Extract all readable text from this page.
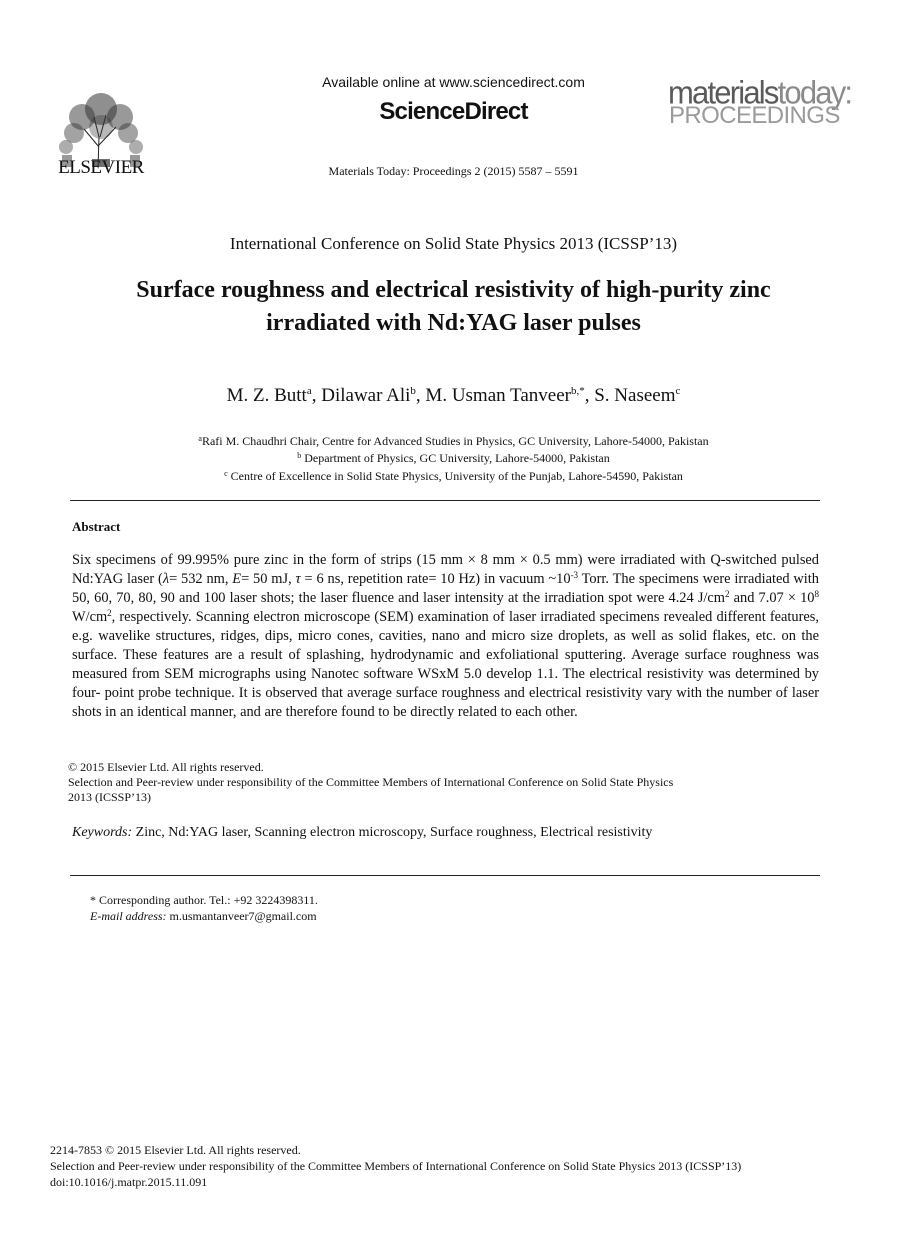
ELSEVIER
Available online at www.sciencedirect.com
ScienceDirect
Materials Today: Proceedings 2 (2015) 5587 – 5591
materialstoday:
PROCEEDINGS
International Conference on Solid State Physics 2013 (ICSSP’13)
Surface roughness and electrical resistivity of high-purity zinc
irradiated with Nd:YAG laser pulses
M. Z. Butt$^a$, Dilawar Ali$^b$, M. Usman Tanveer$^{b,*}$, S. Naseem$^c$
$^a$Rafi M. Chaudhri Chair, Centre for Advanced Studies in Physics, GC University, Lahore-54000, Pakistan
$^b$ Department of Physics, GC University, Lahore-54000, Pakistan
$^c$ Centre of Excellence in Solid State Physics, University of the Punjab, Lahore-54590, Pakistan
Abstract
Six specimens of 99.995% pure zinc in the form of strips (15 mm × 8 mm × 0.5 mm) were irradiated with Q-switched pulsed Nd:YAG laser (λ= 532 nm, E= 50 mJ, τ = 6 ns, repetition rate= 10 Hz) in vacuum $\sim 10^{-3}$ Torr. The specimens were irradiated with 50, 60, 70, 80, 90 and 100 laser shots; the laser fluence and laser intensity at the irradiation spot were 4.24 $J/cm^2$ and $7.07 \times 10^8$ $W/cm^2$, respectively. Scanning electron microscope (SEM) examination of laser irradiated specimens revealed different features, e.g. wavelike structures, ridges, dips, micro cones, cavities, nano and micro size droplets, as well as solid flakes, etc. on the surface. These features are a result of splashing, hydrodynamic and exfoliational sputtering. Average surface roughness was measured from SEM micrographs using Nanotec software WSxM 5.0 develop 1.1. The electrical resistivity was determined by four- point probe technique. It is observed that average surface roughness and electrical resistivity vary with the number of laser shots in an identical manner, and are therefore found to be directly related to each other.
© 2015 Elsevier Ltd. All rights reserved.
Selection and Peer-review under responsibility of the Committee Members of International Conference on Solid State Physics
2013 (ICSSP’13)
Keywords: Zinc, Nd:YAG laser, Scanning electron microscopy, Surface roughness, Electrical resistivity
* Corresponding author. Tel.: +92 3224398311.
E-mail address: m.usmantanveer7@gmail.com
2214-7853 © 2015 Elsevier Ltd. All rights reserved.
Selection and Peer-review under responsibility of the Committee Members of International Conference on Solid State Physics 2013 (ICSSP’13)
doi:10.1016/j.matpr.2015.11.091
